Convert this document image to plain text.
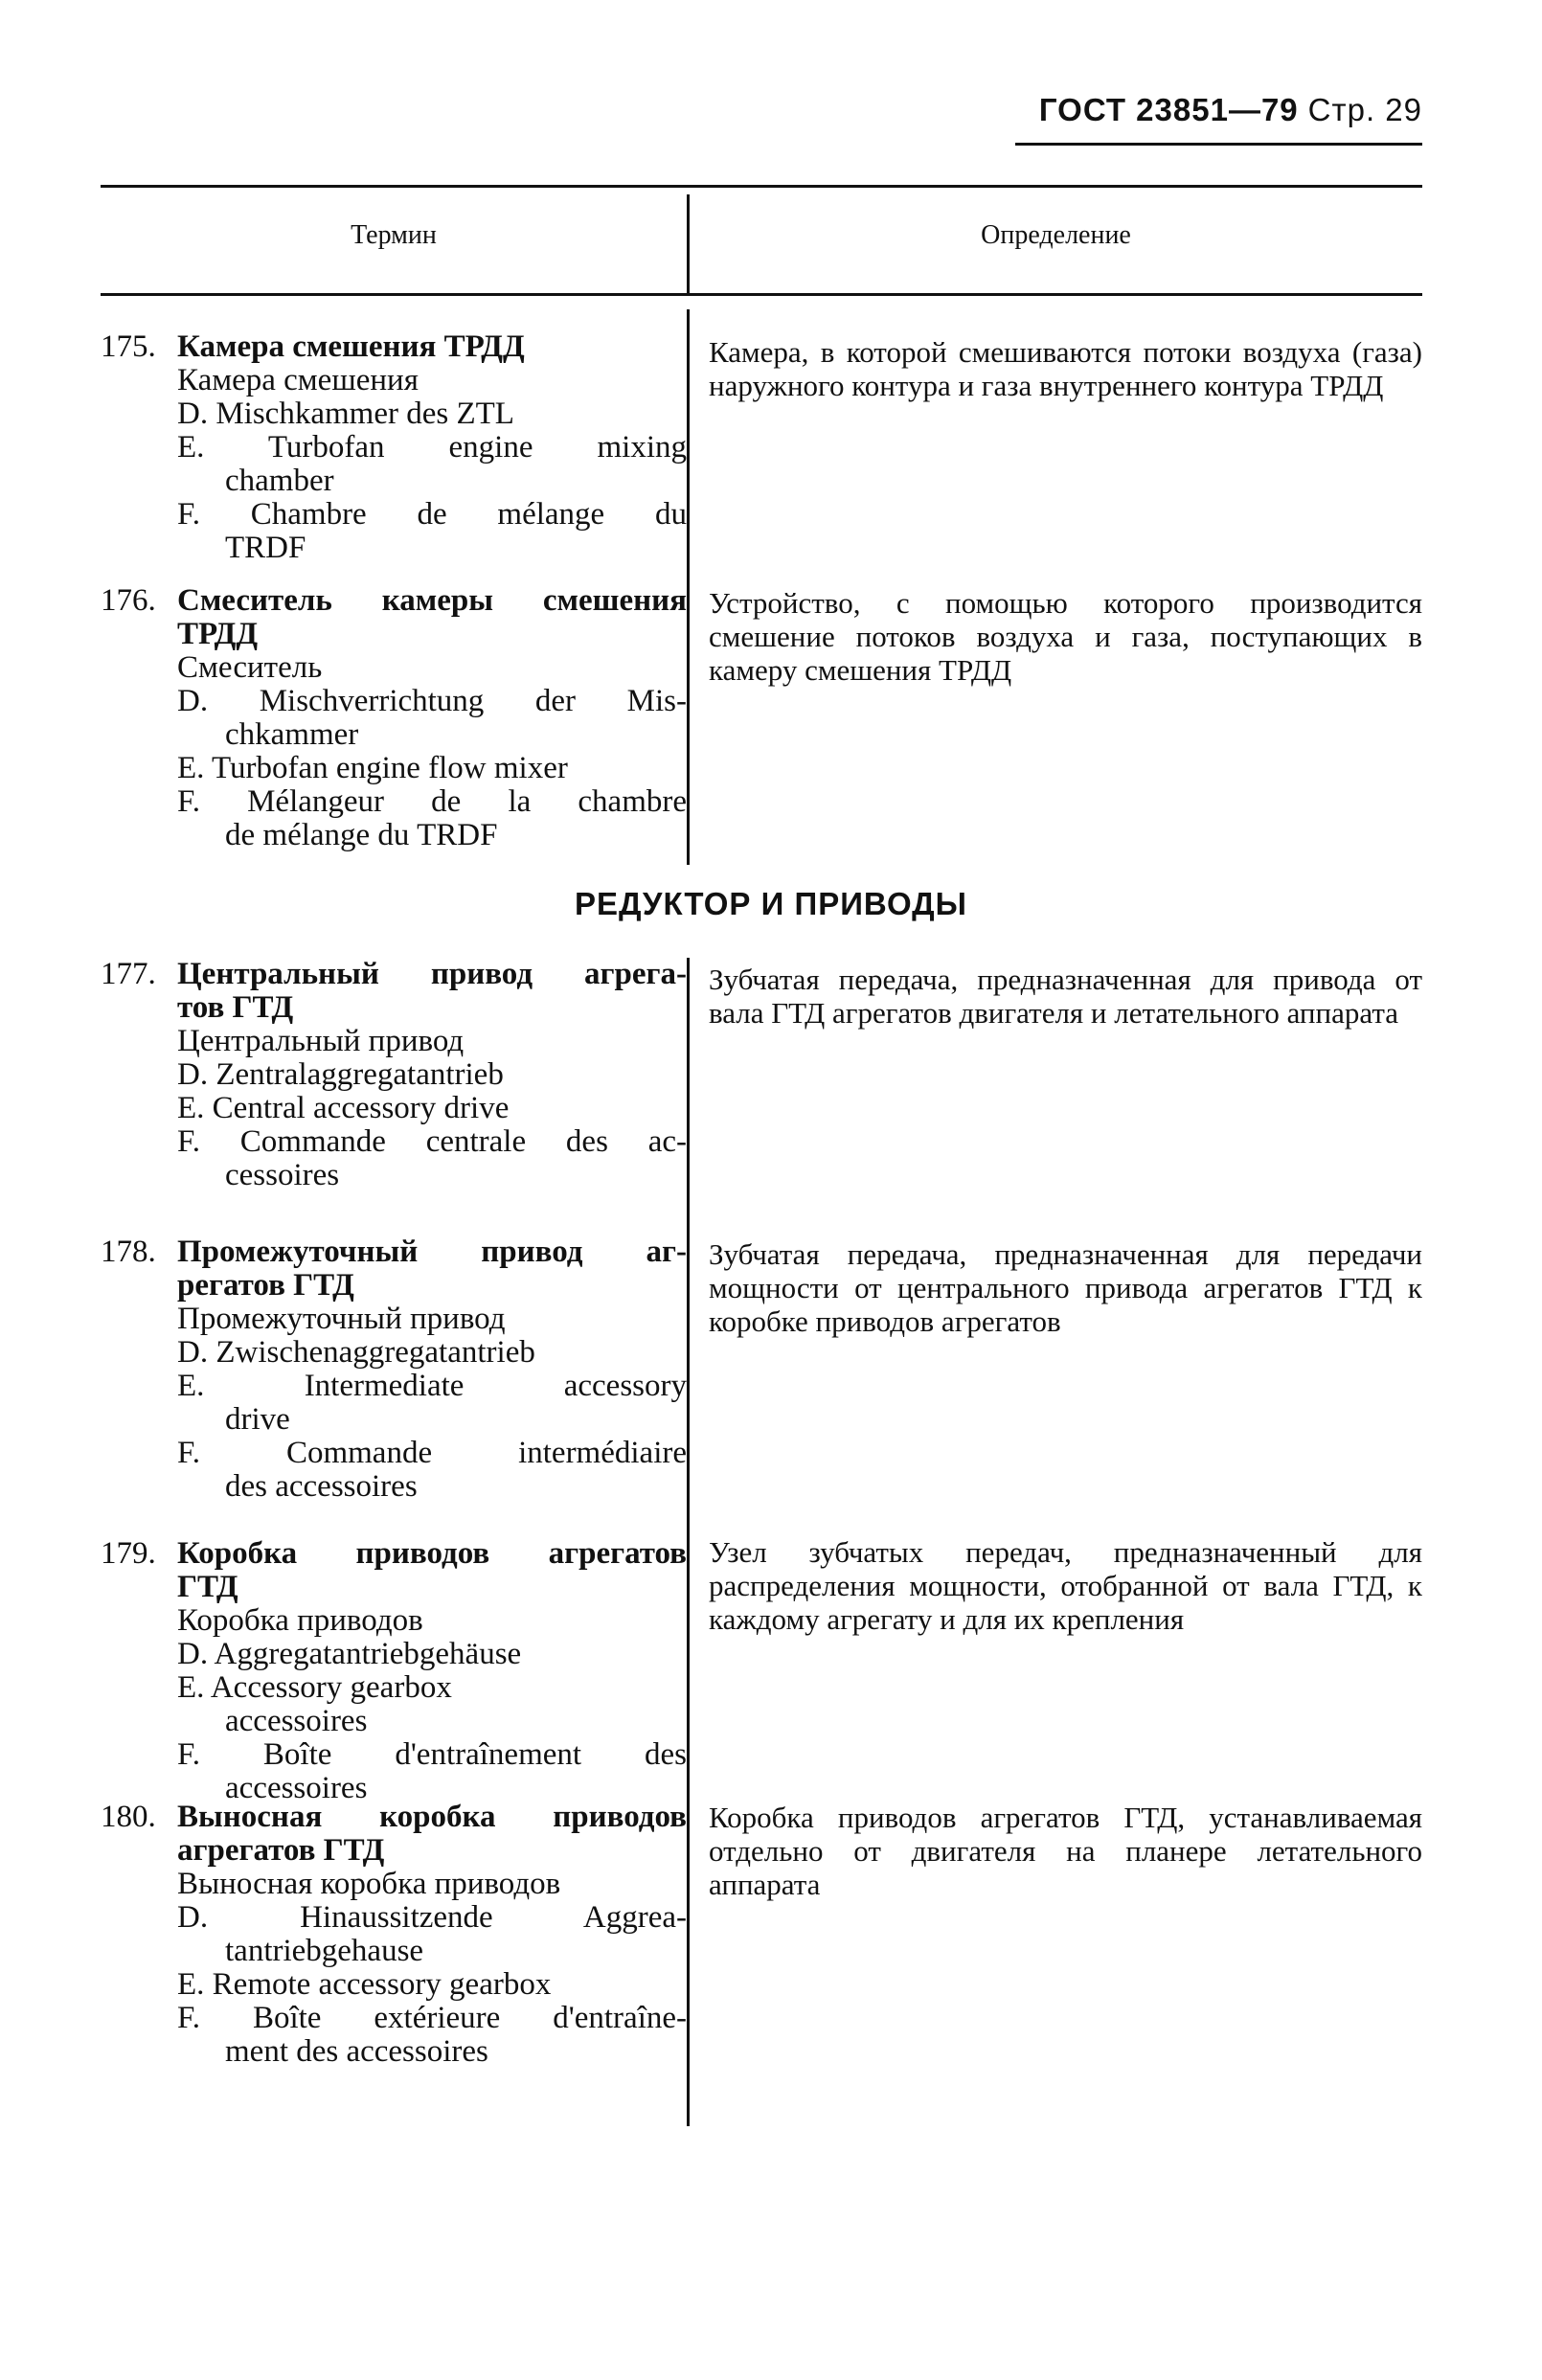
ГОСТ 23851—79 Стр. 29
Термин	Определение
РЕДУКТОР И ПРИВОДЫ
175. Камера смешения ТРДД
Камера смешения
D. Mischkammer des ZTL
E. Turbofan engine mixing
chamber
F. Chambre de mélange du
TRDF
Камера, в которой смешиваются потоки воздуха (газа) наружного контура и газа внутреннего контура ТРДД
176. Смеситель камеры смешения
ТРДД
Смеситель
D. Mischverrichtung der Mis-
chkammer
E. Turbofan engine flow mixer
F. Mélangeur de la chambre
de mélange du TRDF
Устройство, с помощью которого производится смешение потоков воздуха и газа, поступающих в камеру смешения ТРДД
177. Центральный привод агрега-
тов ГТД
Центральный привод
D. Zentralaggregatantrieb
E. Central accessory drive
F. Commande centrale des ac-
cessoires
Зубчатая передача, предназначенная для привода от вала ГТД агрегатов двигателя и летательного аппарата
178. Промежуточный привод аг-
регатов ГТД
Промежуточный привод
D. Zwischenaggregatantrieb
E. Intermediate accessory
drive
F. Commande intermédiaire
des accessoires
Зубчатая передача, предназначенная для передачи мощности от центрального привода агрегатов ГТД к коробке приводов агрегатов
179. Коробка приводов агрегатов
ГТД
Коробка приводов
D. Aggregatantriebgehäuse
E. Accessory gearbox
accessoires
F. Boîte d'entraînement des
accessoires
Узел зубчатых передач, предназначенный для распределения мощности, отобранной от вала ГТД, к каждому агрегату и для их крепления
180. Выносная коробка приводов
агрегатов ГТД
Выносная коробка приводов
D. Hinaussitzende Aggrea-
tantriebgehause
E. Remote accessory gearbox
F. Boîte extérieure d'entraîne-
ment des accessoires
Коробка приводов агрегатов ГТД, устанавливаемая отдельно от двигателя на планере летательного аппарата
